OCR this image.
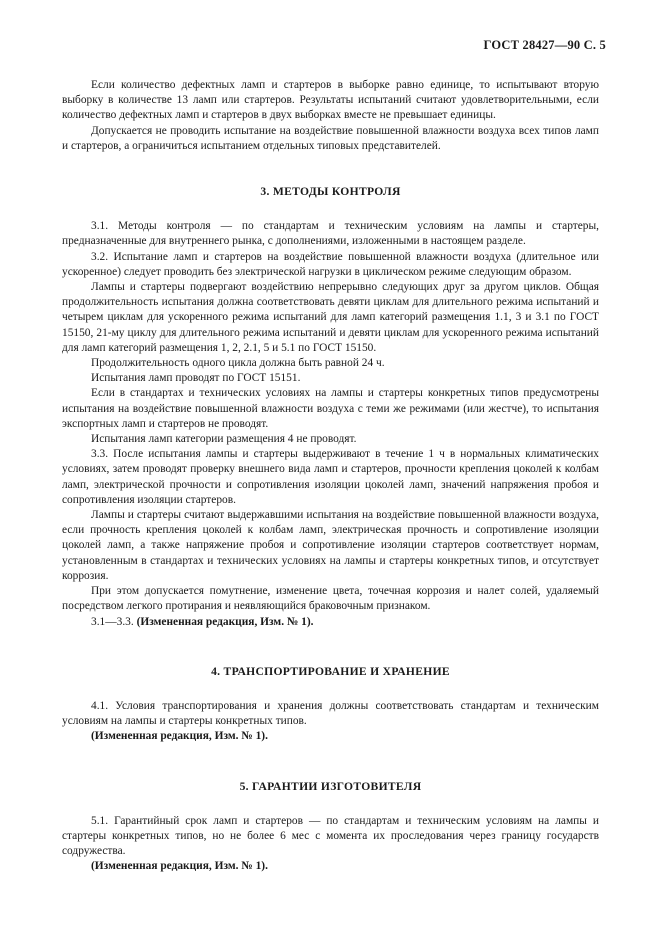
ГОСТ 28427—90 С. 5

Если количество дефектных ламп и стартеров в выборке равно единице, то испытывают вторую выборку в количестве 13 ламп или стартеров. Результаты испытаний считают удовлетворительными, если количество дефектных ламп и стартеров в двух выборках вместе не превышает единицы.

Допускается не проводить испытание на воздействие повышенной влажности воздуха всех типов ламп и стартеров, а ограничиться испытанием отдельных типовых представителей.

3. МЕТОДЫ КОНТРОЛЯ

3.1. Методы контроля — по стандартам и техническим условиям на лампы и стартеры, предназначенные для внутреннего рынка, с дополнениями, изложенными в настоящем разделе.

3.2. Испытание ламп и стартеров на воздействие повышенной влажности воздуха (длительное или ускоренное) следует проводить без электрической нагрузки в циклическом режиме следующим образом.

Лампы и стартеры подвергают воздействию непрерывно следующих друг за другом циклов. Общая продолжительность испытания должна соответствовать девяти циклам для длительного режима испытаний и четырем циклам для ускоренного режима испытаний для ламп категорий размещения 1.1, 3 и 3.1 по ГОСТ 15150, 21-му циклу для длительного режима испытаний и девяти циклам для ускоренного режима испытаний для ламп категорий размещения 1, 2, 2.1, 5 и 5.1 по ГОСТ 15150.

Продолжительность одного цикла должна быть равной 24 ч.

Испытания ламп проводят по ГОСТ 15151.

Если в стандартах и технических условиях на лампы и стартеры конкретных типов предусмотрены испытания на воздействие повышенной влажности воздуха с теми же режимами (или жестче), то испытания экспортных ламп и стартеров не проводят.

Испытания ламп категории размещения 4 не проводят.

3.3. После испытания лампы и стартеры выдерживают в течение 1 ч в нормальных климатических условиях, затем проводят проверку внешнего вида ламп и стартеров, прочности крепления цоколей к колбам ламп, электрической прочности и сопротивления изоляции цоколей ламп, значений напряжения пробоя и сопротивления изоляции стартеров.

Лампы и стартеры считают выдержавшими испытания на воздействие повышенной влажности воздуха, если прочность крепления цоколей к колбам ламп, электрическая прочность и сопротивление изоляции цоколей ламп, а также напряжение пробоя и сопротивление изоляции стартеров соответствует нормам, установленным в стандартах и технических условиях на лампы и стартеры конкретных типов, и отсутствует коррозия.

При этом допускается помутнение, изменение цвета, точечная коррозия и налет солей, удаляемый посредством легкого протирания и неявляющийся браковочным признаком.

3.1—3.3. (Измененная редакция, Изм. № 1).

4. ТРАНСПОРТИРОВАНИЕ И ХРАНЕНИЕ

4.1. Условия транспортирования и хранения должны соответствовать стандартам и техническим условиям на лампы и стартеры конкретных типов.

(Измененная редакция, Изм. № 1).

5. ГАРАНТИИ ИЗГОТОВИТЕЛЯ

5.1. Гарантийный срок ламп и стартеров — по стандартам и техническим условиям на лампы и стартеры конкретных типов, но не более 6 мес с момента их проследования через границу государств содружества.

(Измененная редакция, Изм. № 1).
